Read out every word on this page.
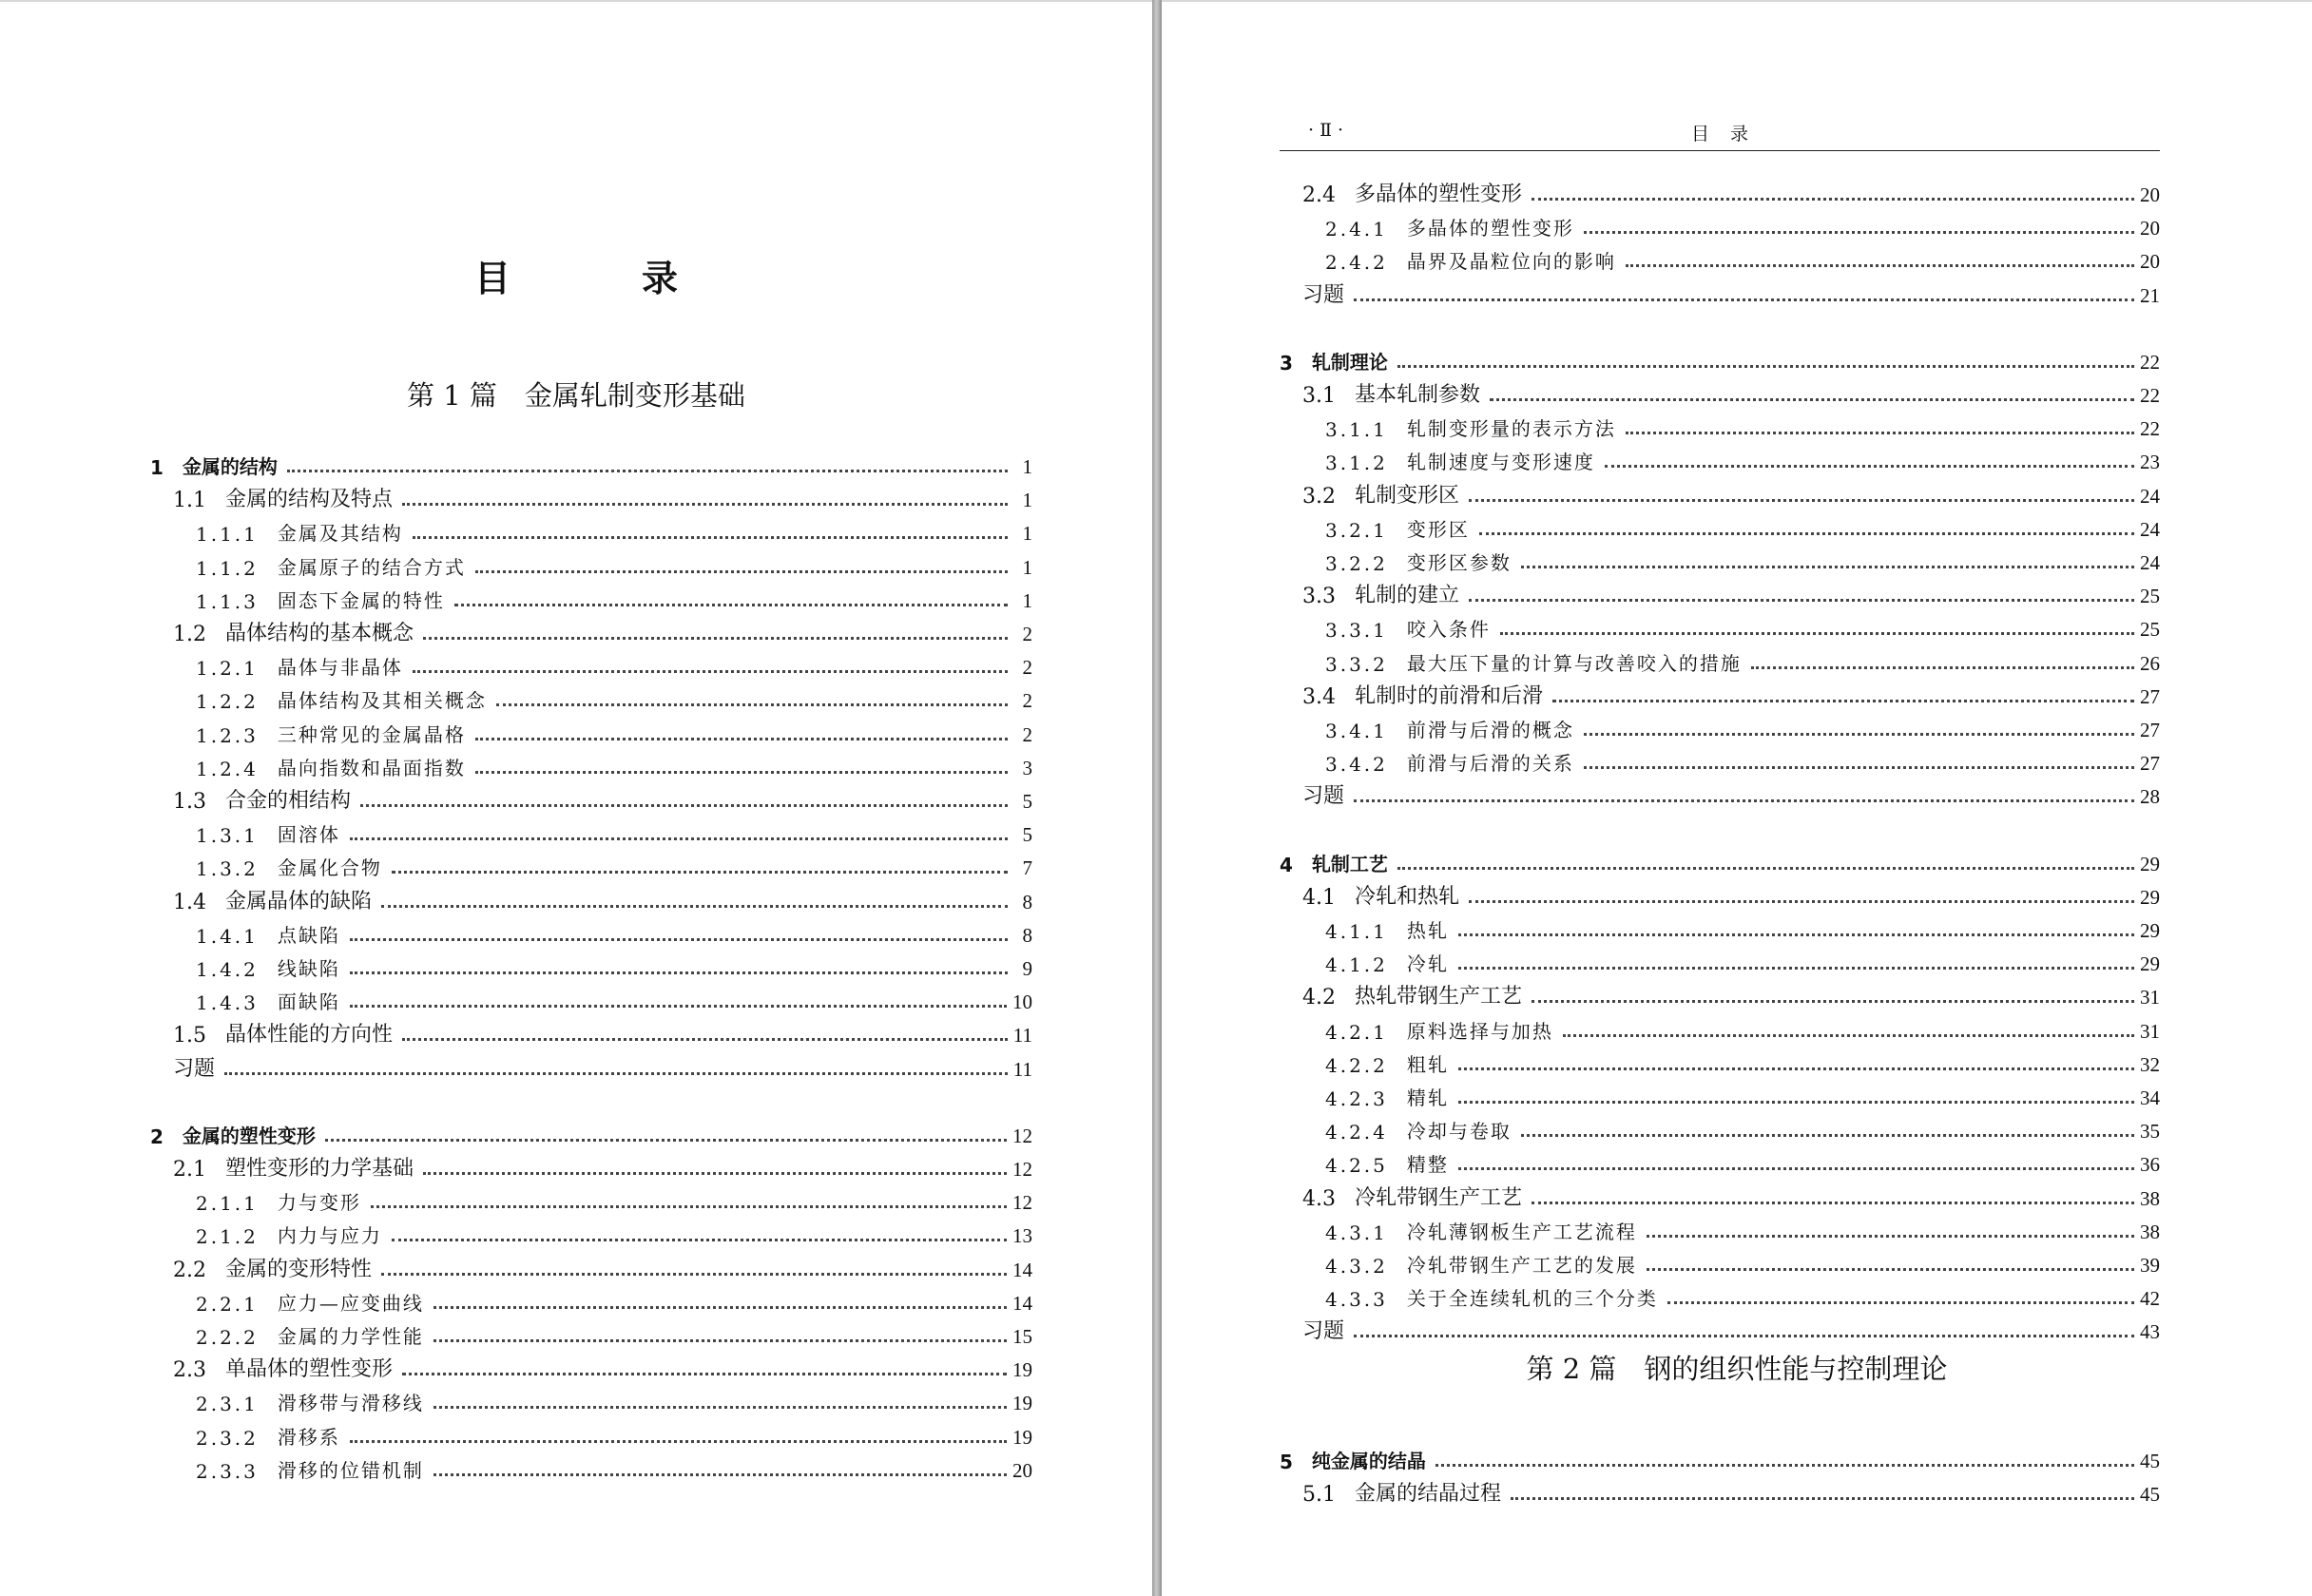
目　录
第 1 篇　金属轧制变形基础
· Ⅱ ·	目录
1 金属的结构	1
1.1 金属的结构及特点	1
1.1.1 金属及其结构	1
1.1.2 金属原子的结合方式	1
1.1.3 固态下金属的特性	1
1.2 晶体结构的基本概念	2
1.2.1 晶体与非晶体	2
1.2.2 晶体结构及其相关概念	2
1.2.3 三种常见的金属晶格	2
1.2.4 晶向指数和晶面指数	3
1.3 合金的相结构	5
1.3.1 固溶体	5
1.3.2 金属化合物	7
1.4 金属晶体的缺陷	8
1.4.1 点缺陷	8
1.4.2 线缺陷	9
1.4.3 面缺陷	10
1.5 晶体性能的方向性	11
习题	11
2 金属的塑性变形	12
2.1 塑性变形的力学基础	12
2.1.1 力与变形	12
2.1.2 内力与应力	13
2.2 金属的变形特性	14
2.2.1 应力—应变曲线	14
2.2.2 金属的力学性能	15
2.3 单晶体的塑性变形	19
2.3.1 滑移带与滑移线	19
2.3.2 滑移系	19
2.3.3 滑移的位错机制	20
2.4 多晶体的塑性变形	20
2.4.1 多晶体的塑性变形	20
2.4.2 晶界及晶粒位向的影响	20
习题	21
3 轧制理论	22
3.1 基本轧制参数	22
3.1.1 轧制变形量的表示方法	22
3.1.2 轧制速度与变形速度	23
3.2 轧制变形区	24
3.2.1 变形区	24
3.2.2 变形区参数	24
3.3 轧制的建立	25
3.3.1 咬入条件	25
3.3.2 最大压下量的计算与改善咬入的措施	26
3.4 轧制时的前滑和后滑	27
3.4.1 前滑与后滑的概念	27
3.4.2 前滑与后滑的关系	27
习题	28
4 轧制工艺	29
4.1 冷轧和热轧	29
4.1.1 热轧	29
4.1.2 冷轧	29
4.2 热轧带钢生产工艺	31
4.2.1 原料选择与加热	31
4.2.2 粗轧	32
4.2.3 精轧	34
4.2.4 冷却与卷取	35
4.2.5 精整	36
4.3 冷轧带钢生产工艺	38
4.3.1 冷轧薄钢板生产工艺流程	38
4.3.2 冷轧带钢生产工艺的发展	39
4.3.3 关于全连续轧机的三个分类	42
习题	43
5 纯金属的结晶	45
5.1 金属的结晶过程	45
第 2 篇　钢的组织性能与控制理论
